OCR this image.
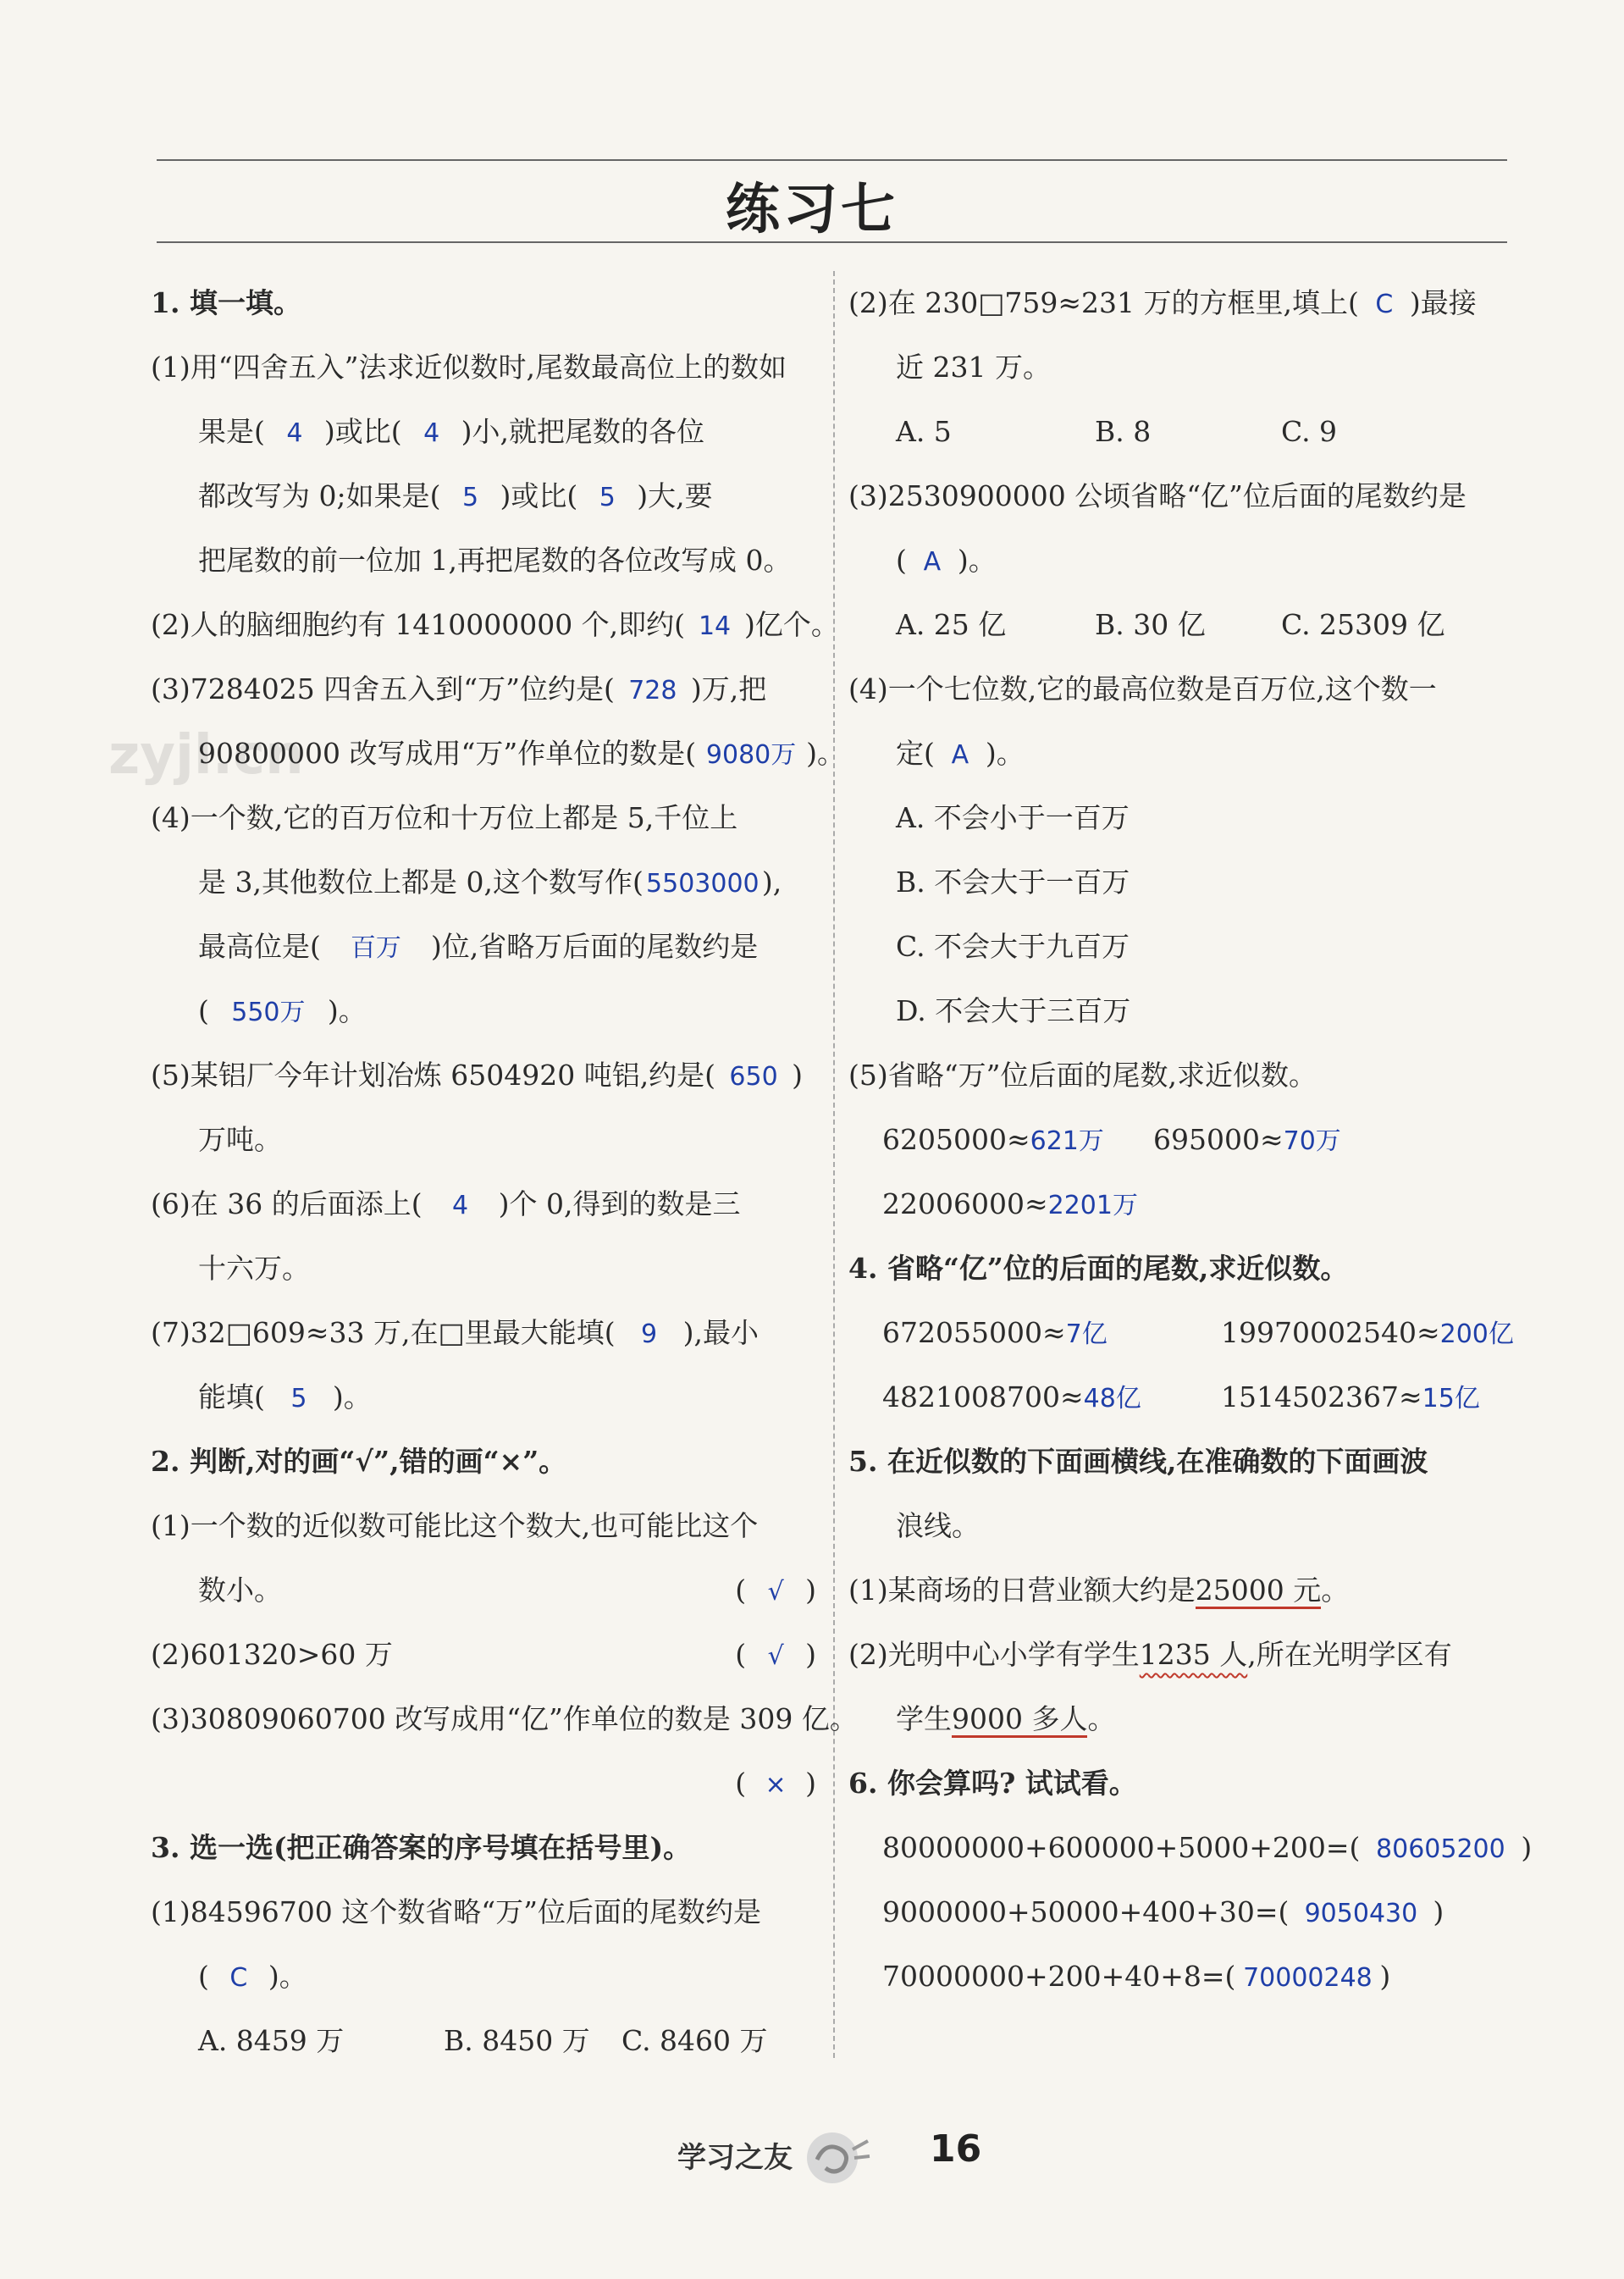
练习七
zyjl.cn
1. 填一填。
(1)用“四舍五入”法求近似数时,尾数最高位上的数如
果是( 4 )或比( 4 )小,就把尾数的各位
都改写为 0;如果是( 5 )或比( 5 )大,要
把尾数的前一位加 1,再把尾数的各位改写成 0。
(2)人的脑细胞约有 1410000000 个,即约( 14 )亿个。
(3)7284025 四舍五入到“万”位约是( 728 )万,把
90800000 改写成用“万”作单位的数是( 9080万 )。
(4)一个数,它的百万位和十万位上都是 5,千位上
是 3,其他数位上都是 0,这个数写作( 5503000),
最高位是( 百万 )位,省略万后面的尾数约是
( 550万 )。
(5)某铝厂今年计划冶炼 6504920 吨铝,约是( 650 )
万吨。
(6)在 36 的后面添上( 4 )个 0,得到的数是三
十六万。
(7)32□609≈33 万,在□里最大能填( 9 ),最小
能填( 5 )。
2. 判断,对的画“√”,错的画“×”。
(1)一个数的近似数可能比这个数大,也可能比这个
数小。	( √ )
(2)601320>60 万	( √ )
(3)30809060700 改写成用“亿”作单位的数是 309 亿。
( × )
3. 选一选(把正确答案的序号填在括号里)。
(1)84596700 这个数省略“万”位后面的尾数约是
( C )。
A. 8459 万	B. 8450 万	C. 8460 万
(2)在 230□759≈231 万的方框里,填上( C )最接
近 231 万。
A. 5	B. 8	C. 9
(3)2530900000 公顷省略“亿”位后面的尾数约是
( A )。
A. 25 亿	B. 30 亿	C. 25309 亿
(4)一个七位数,它的最高位数是百万位,这个数一
定( A )。
A. 不会小于一百万
B. 不会大于一百万
C. 不会大于九百万
D. 不会大于三百万
(5)省略“万”位后面的尾数,求近似数。
6205000≈621万 695000≈70万
22006000≈2201万
4. 省略“亿”位的后面的尾数,求近似数。
672055000≈7亿	19970002540≈200亿
4821008700≈48亿	1514502367≈15亿
5. 在近似数的下面画横线,在准确数的下面画波
浪线。
(1)某商场的日营业额大约是25000 元。
(2)光明中心小学有学生1235 人,所在光明学区有
学生9000 多人。
6. 你会算吗? 试试看。
80000000+600000+5000+200=( 80605200 )
9000000+50000+400+30=( 9050430 )
70000000+200+40+8=( 70000248 )
学习之友	16
